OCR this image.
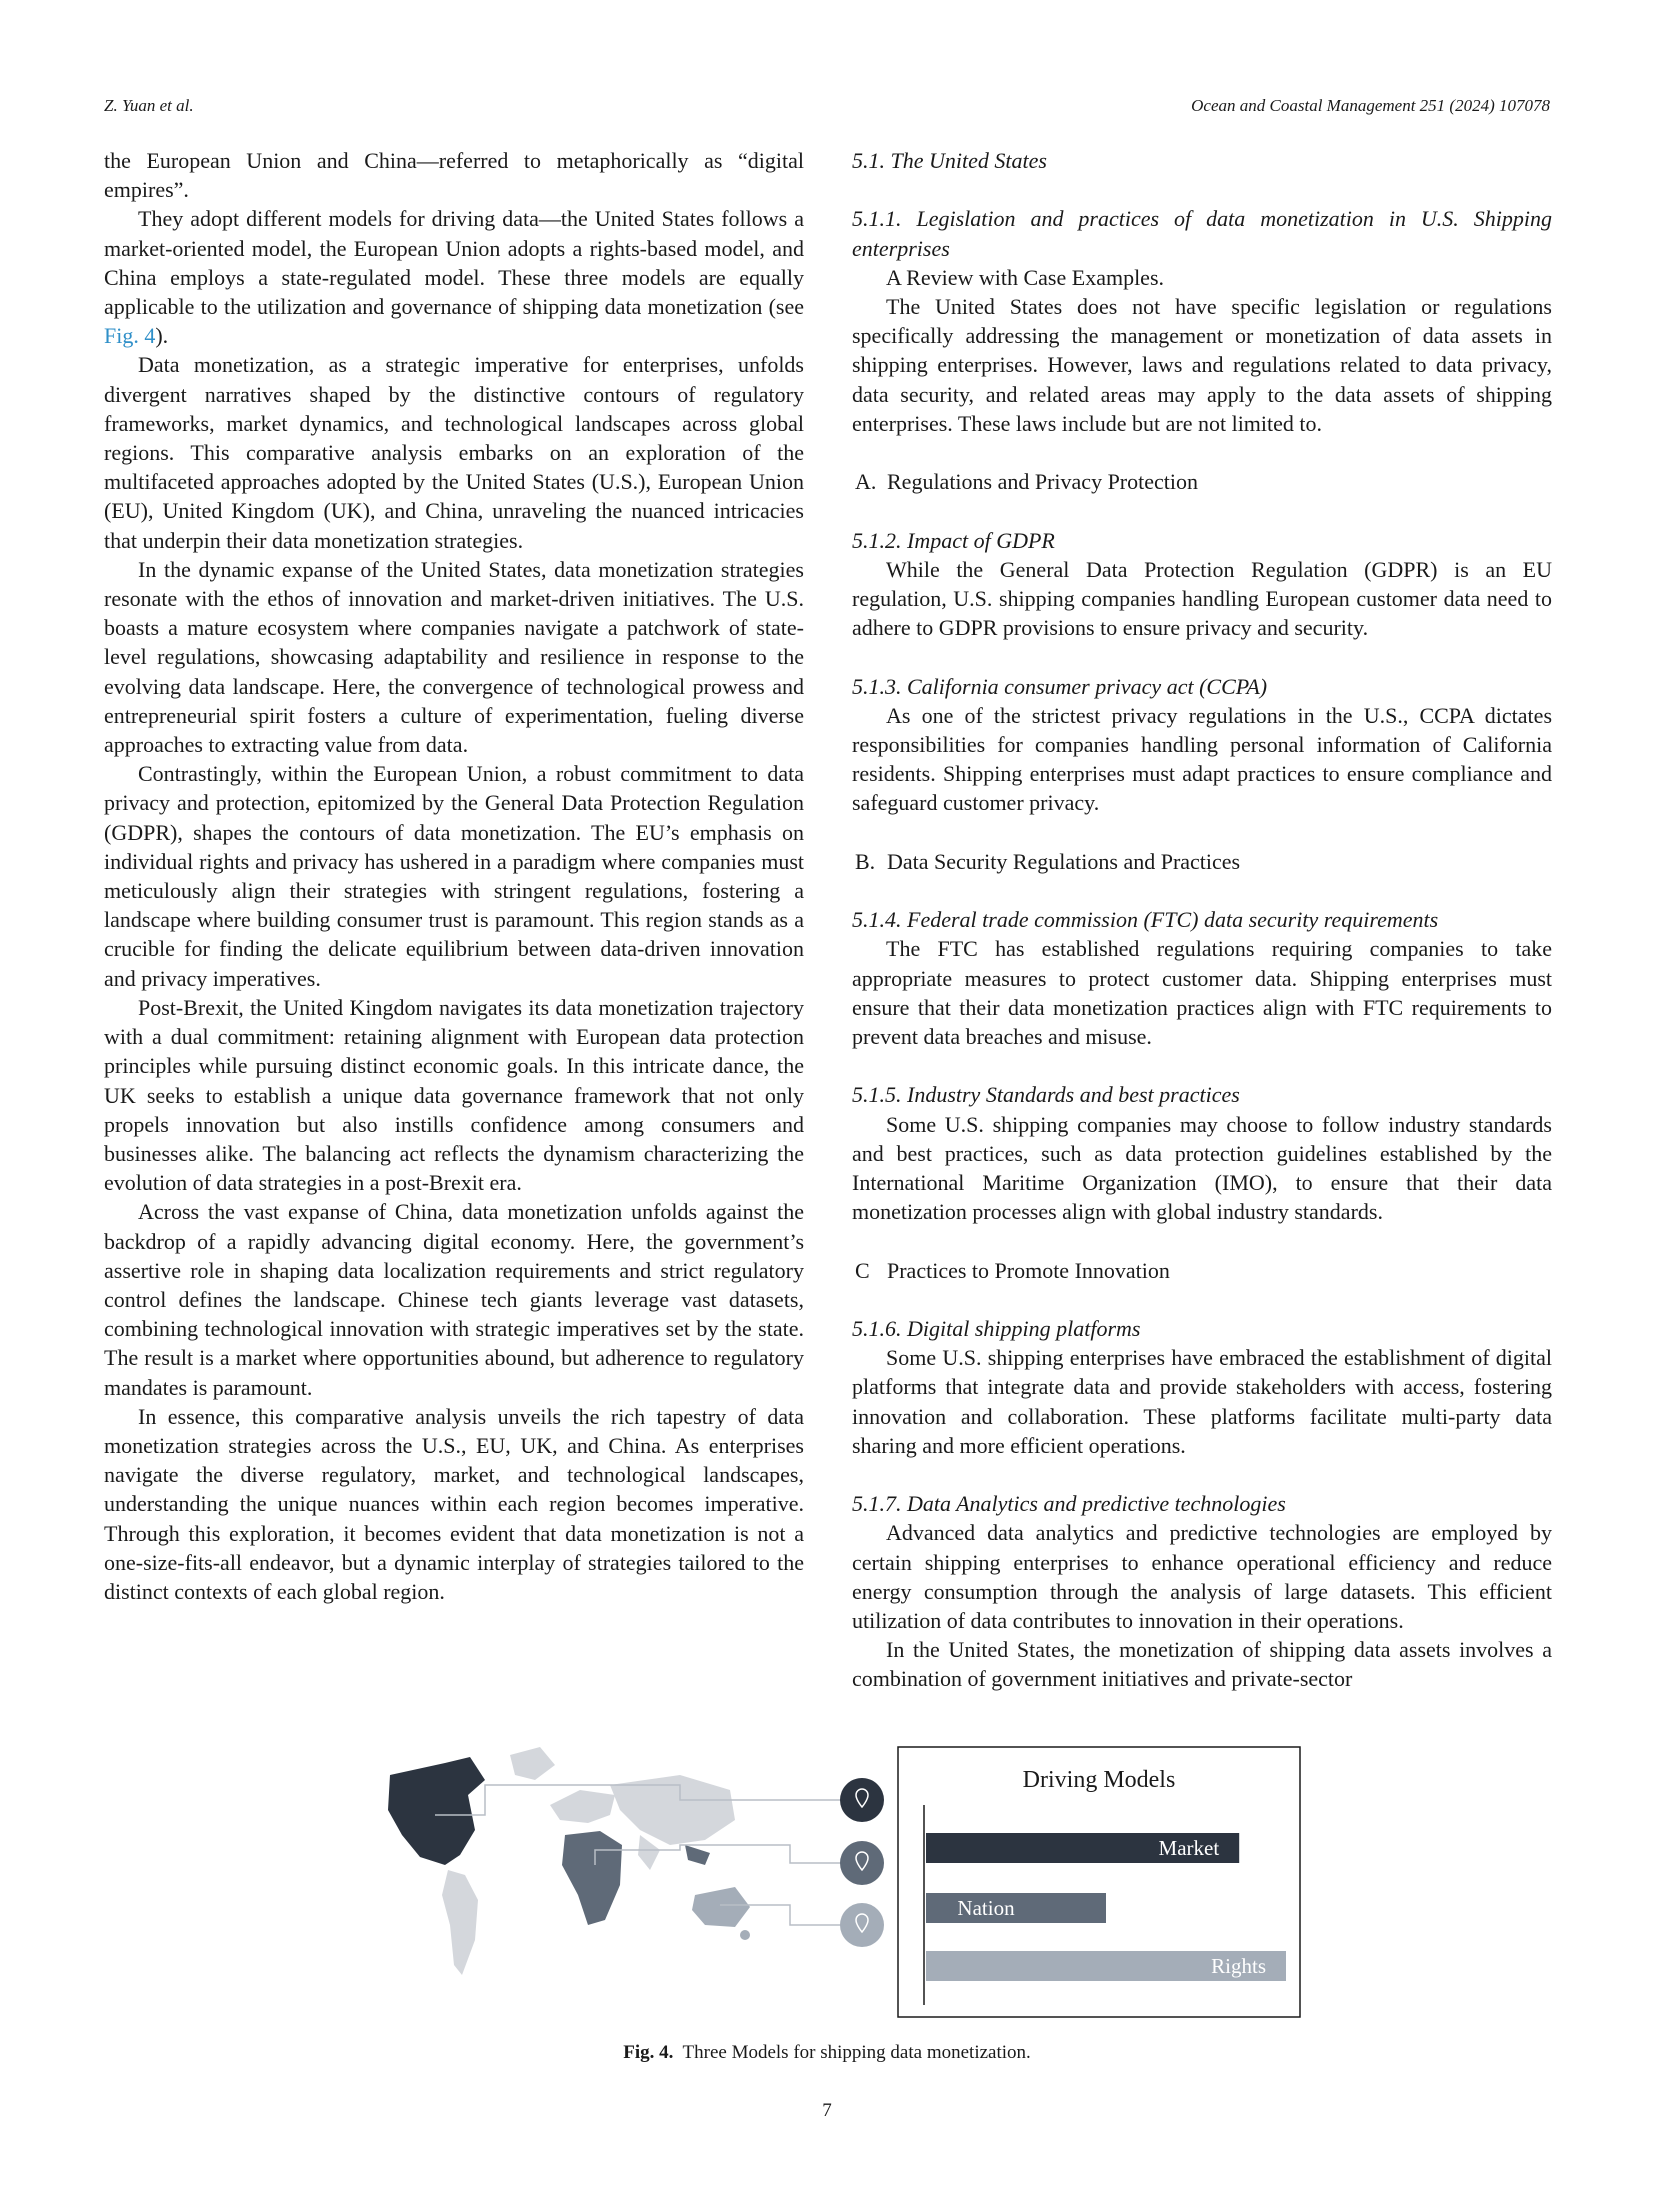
Z. Yuan et al.	Ocean and Coastal Management 251 (2024) 107078

the European Union and China—referred to metaphorically as “digital empires”.

They adopt different models for driving data—the United States follows a market-oriented model, the European Union adopts a rights-based model, and China employs a state-regulated model. These three models are equally applicable to the utilization and governance of shipping data monetization (see Fig. 4).

Data monetization, as a strategic imperative for enterprises, unfolds divergent narratives shaped by the distinctive contours of regulatory frameworks, market dynamics, and technological landscapes across global regions. This comparative analysis embarks on an exploration of the multifaceted approaches adopted by the United States (U.S.), European Union (EU), United Kingdom (UK), and China, unraveling the nuanced intricacies that underpin their data monetization strategies.

In the dynamic expanse of the United States, data monetization strategies resonate with the ethos of innovation and market-driven initiatives. The U.S. boasts a mature ecosystem where companies navigate a patchwork of state-level regulations, showcasing adaptability and resilience in response to the evolving data landscape. Here, the convergence of technological prowess and entrepreneurial spirit fosters a culture of experimentation, fueling diverse approaches to extracting value from data.

Contrastingly, within the European Union, a robust commitment to data privacy and protection, epitomized by the General Data Protection Regulation (GDPR), shapes the contours of data monetization. The EU’s emphasis on individual rights and privacy has ushered in a paradigm where companies must meticulously align their strategies with stringent regulations, fostering a landscape where building consumer trust is paramount. This region stands as a crucible for finding the delicate equilibrium between data-driven innovation and privacy imperatives.

Post-Brexit, the United Kingdom navigates its data monetization trajectory with a dual commitment: retaining alignment with European data protection principles while pursuing distinct economic goals. In this intricate dance, the UK seeks to establish a unique data governance framework that not only propels innovation but also instills confidence among consumers and businesses alike. The balancing act reflects the dynamism characterizing the evolution of data strategies in a post-Brexit era.

Across the vast expanse of China, data monetization unfolds against the backdrop of a rapidly advancing digital economy. Here, the government’s assertive role in shaping data localization requirements and strict regulatory control defines the landscape. Chinese tech giants leverage vast datasets, combining technological innovation with strategic imperatives set by the state. The result is a market where opportunities abound, but adherence to regulatory mandates is paramount.

In essence, this comparative analysis unveils the rich tapestry of data monetization strategies across the U.S., EU, UK, and China. As enterprises navigate the diverse regulatory, market, and technological landscapes, understanding the unique nuances within each region becomes imperative. Through this exploration, it becomes evident that data monetization is not a one-size-fits-all endeavor, but a dynamic interplay of strategies tailored to the distinct contexts of each global region.

5.1. The United States
5.1.1. Legislation and practices of data monetization in U.S. Shipping enterprises

A Review with Case Examples.

The United States does not have specific legislation or regulations specifically addressing the management or monetization of data assets in shipping enterprises. However, laws and regulations related to data privacy, data security, and related areas may apply to the data assets of shipping enterprises. These laws include but are not limited to.

A. Regulations and Privacy Protection
5.1.2. Impact of GDPR

While the General Data Protection Regulation (GDPR) is an EU regulation, U.S. shipping companies handling European customer data need to adhere to GDPR provisions to ensure privacy and security.

5.1.3. California consumer privacy act (CCPA)

As one of the strictest privacy regulations in the U.S., CCPA dictates responsibilities for companies handling personal information of California residents. Shipping enterprises must adapt practices to ensure compliance and safeguard customer privacy.

B. Data Security Regulations and Practices
5.1.4. Federal trade commission (FTC) data security requirements

The FTC has established regulations requiring companies to take appropriate measures to protect customer data. Shipping enterprises must ensure that their data monetization practices align with FTC requirements to prevent data breaches and misuse.

5.1.5. Industry Standards and best practices

Some U.S. shipping companies may choose to follow industry standards and best practices, such as data protection guidelines established by the International Maritime Organization (IMO), to ensure that their data monetization processes align with global industry standards.

C Practices to Promote Innovation
5.1.6. Digital shipping platforms

Some U.S. shipping enterprises have embraced the establishment of digital platforms that integrate data and provide stakeholders with access, fostering innovation and collaboration. These platforms facilitate multi-party data sharing and more efficient operations.

5.1.7. Data Analytics and predictive technologies

Advanced data analytics and predictive technologies are employed by certain shipping enterprises to enhance operational efficiency and reduce energy consumption through the analysis of large datasets. This efficient utilization of data contributes to innovation in their operations.

In the United States, the monetization of shipping data assets involves a combination of government initiatives and private-sector

Driving Models
Market
Nation
Rights
Fig. 4. Three Models for shipping data monetization.
7
